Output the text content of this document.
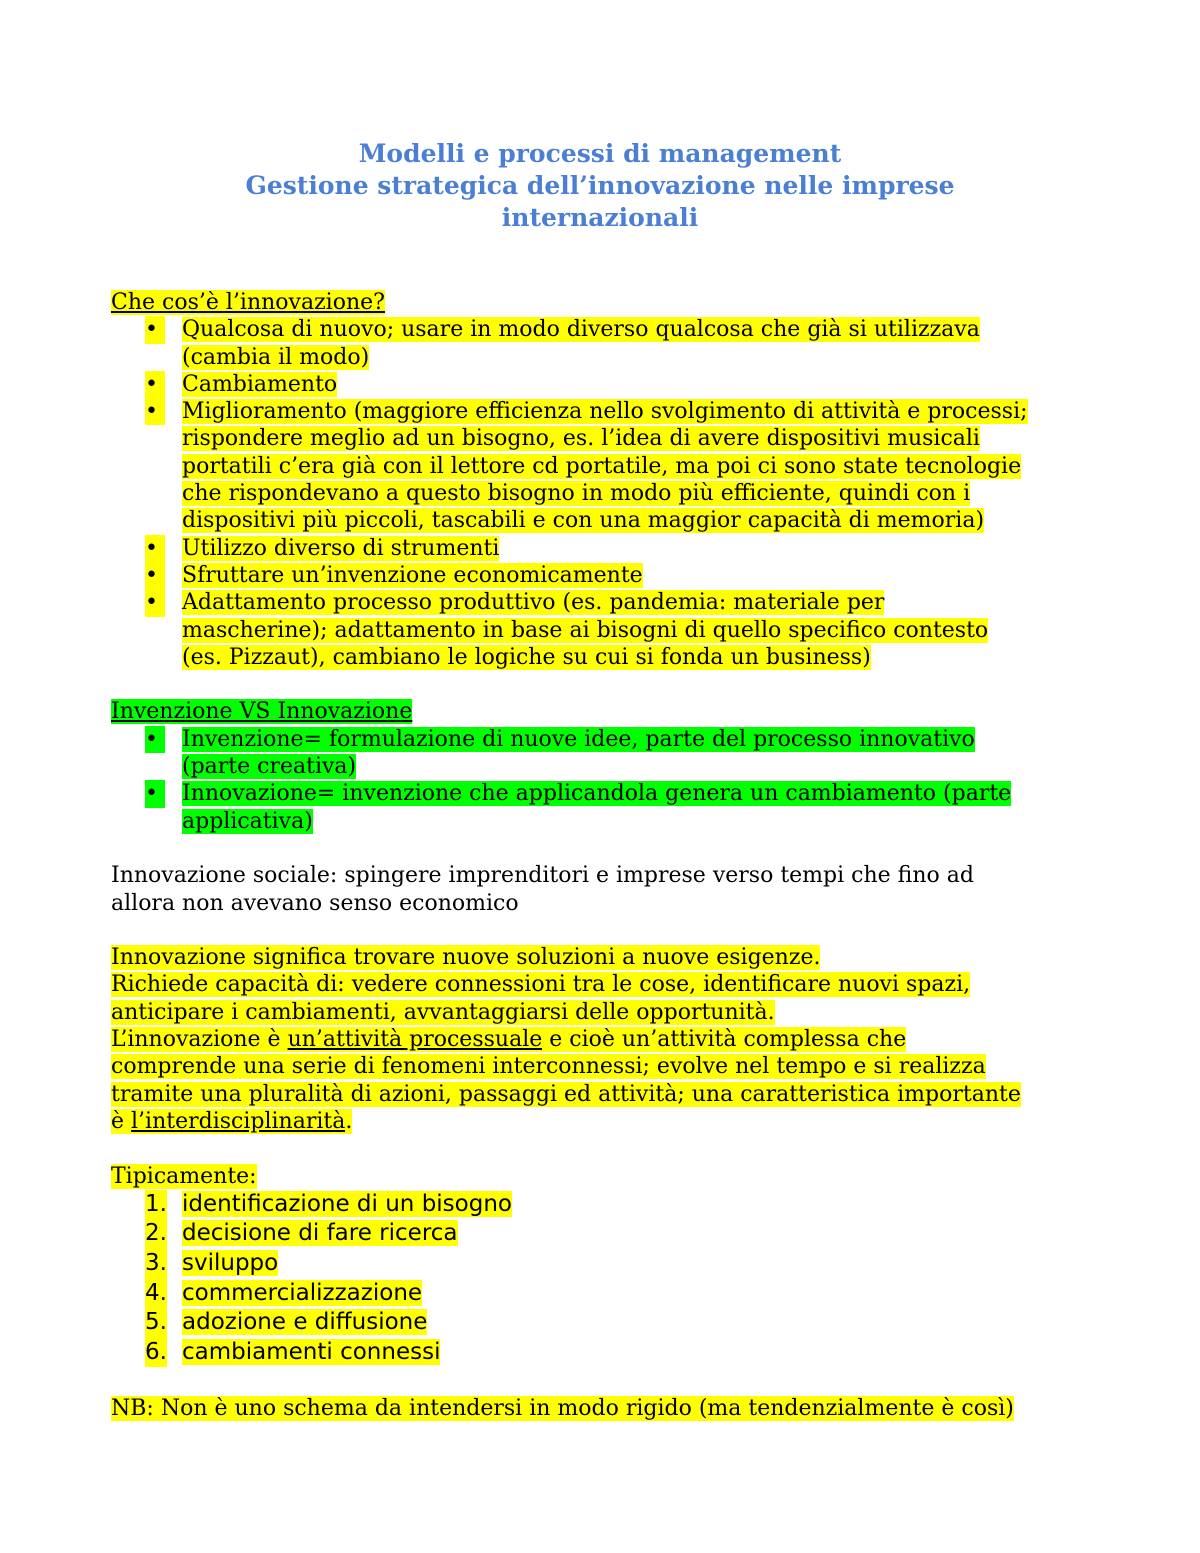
Modelli e processi di management
Gestione strategica dell’innovazione nelle imprese
internazionali

Che cos’è l’innovazione?

•	Qualcosa di nuovo; usare in modo diverso qualcosa che già si utilizzava
(cambia il modo)
•	Cambiamento
•	Miglioramento (maggiore efficienza nello svolgimento di attività e processi;
rispondere meglio ad un bisogno, es. l’idea di avere dispositivi musicali
portatili c’era già con il lettore cd portatile, ma poi ci sono state tecnologie
che rispondevano a questo bisogno in modo più efficiente, quindi con i
dispositivi più piccoli, tascabili e con una maggior capacità di memoria)
•	Utilizzo diverso di strumenti
•	Sfruttare un’invenzione economicamente
•	Adattamento processo produttivo (es. pandemia: materiale per
mascherine); adattamento in base ai bisogni di quello specifico contesto
(es. Pizzaut), cambiano le logiche su cui si fonda un business)

Invenzione VS Innovazione

•	Invenzione= formulazione di nuove idee, parte del processo innovativo
(parte creativa)
•	Innovazione= invenzione che applicandola genera un cambiamento (parte
applicativa)

Innovazione sociale: spingere imprenditori e imprese verso tempi che fino ad
allora non avevano senso economico

Innovazione significa trovare nuove soluzioni a nuove esigenze.
Richiede capacità di: vedere connessioni tra le cose, identificare nuovi spazi,
anticipare i cambiamenti, avvantaggiarsi delle opportunità.
L’innovazione è un’attività processuale e cioè un’attività complessa che
comprende una serie di fenomeni interconnessi; evolve nel tempo e si realizza
tramite una pluralità di azioni, passaggi ed attività; una caratteristica importante
è l’interdisciplinarità.

Tipicamente:

1. identificazione di un bisogno
2. decisione di fare ricerca
3. sviluppo
4. commercializzazione
5. adozione e diffusione
6. cambiamenti connessi

NB: Non è uno schema da intendersi in modo rigido (ma tendenzialmente è così)
